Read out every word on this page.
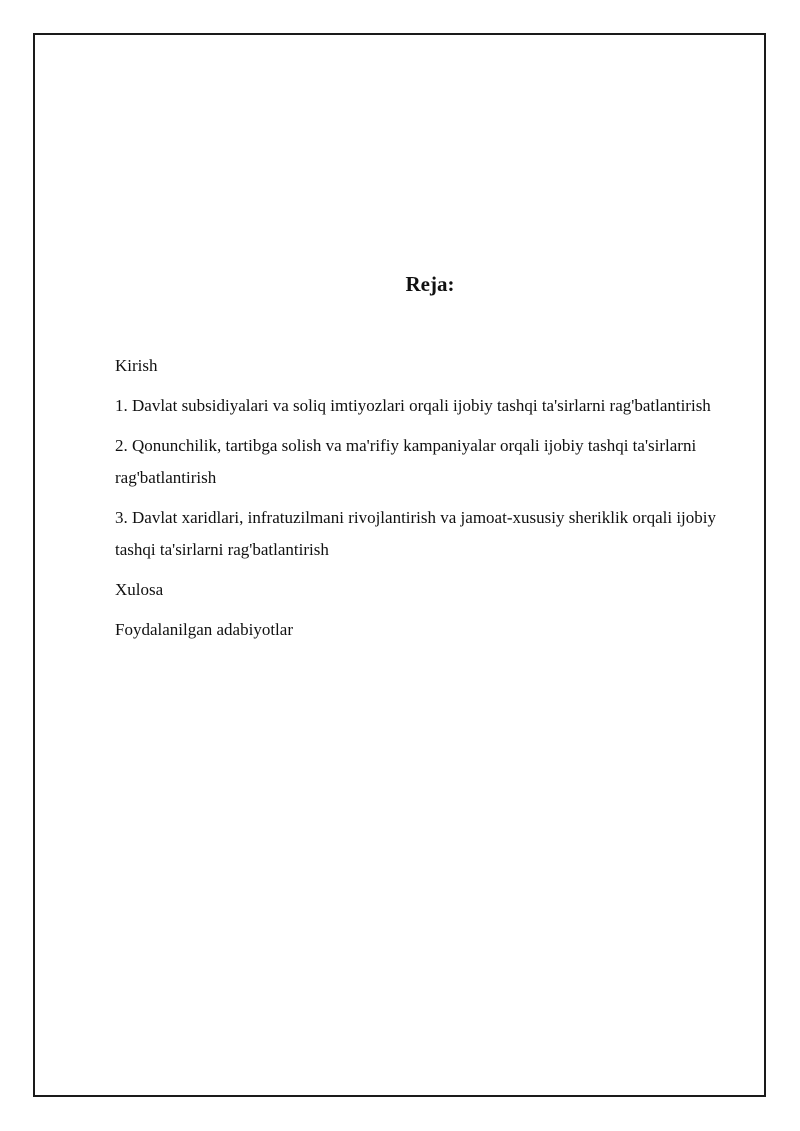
Reja:

Kirish

1. Davlat subsidiyalari va soliq imtiyozlari orqali ijobiy tashqi ta'sirlarni rag'batlantirish

2. Qonunchilik, tartibga solish va ma'rifiy kampaniyalar orqali ijobiy tashqi ta'sirlarni rag'batlantirish

3. Davlat xaridlari, infratuzilmani rivojlantirish va jamoat-xususiy sheriklik orqali ijobiy tashqi ta'sirlarni rag'batlantirish

Xulosa

Foydalanilgan adabiyotlar
